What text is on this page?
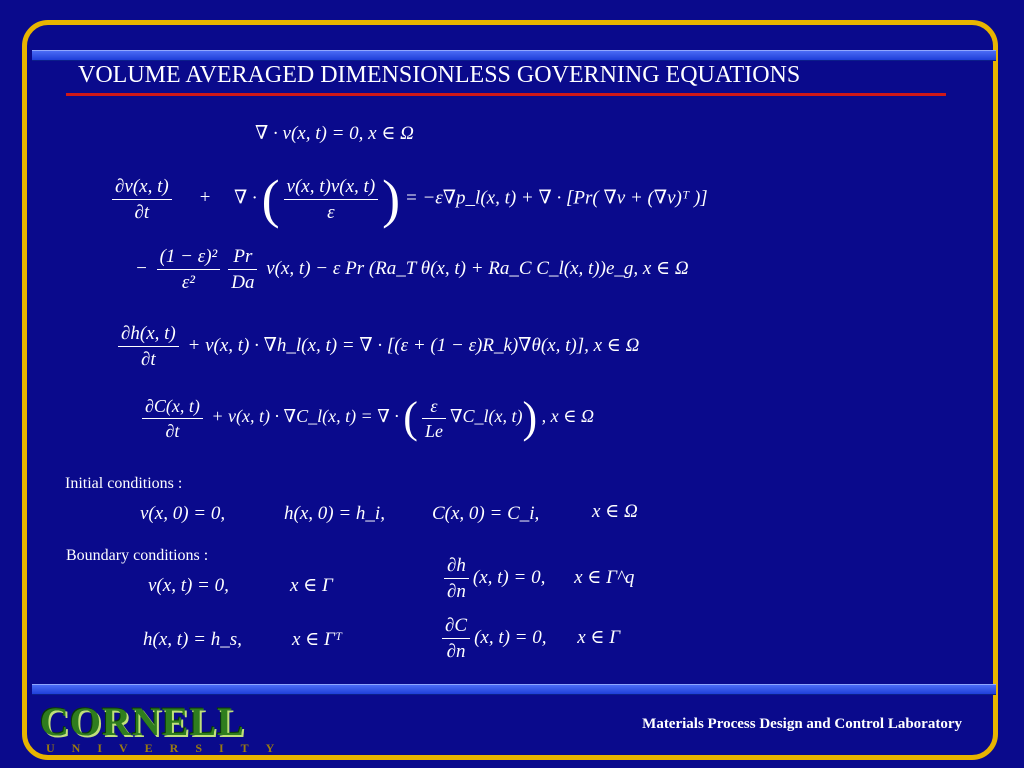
VOLUME AVERAGED DIMENSIONLESS GOVERNING EQUATIONS
∇ · v(x, t) = 0, x ∈ Ω
$\frac{\partial v(x, t)}{\partial t}$ + ∇ · ( $\frac{v(x, t)v(x, t)}{\varepsilon}$ ) = −ε∇p_l(x, t) + ∇ · [Pr( ∇v + (∇v)ᵀ )]
− $\frac{\text{(1 − ε)²}}{\text{ε²}} \frac{Pr}{Da} v(x$, t) − ε Pr (Ra_T θ(x, t) + Ra_C C_l(x, t))e_g, x ∈ Ω
$\frac{\partial h(x, t)}{\partial t} + v(x$, t) · ∇h_l(x, t) = ∇ · [(ε + (1 − ε)R_k)∇θ(x, t)], x ∈ Ω
$\frac{\partial C(x, t)}{\partial t} + v(x$, t) · ∇C_l(x, t) = ∇ · ( $\frac{\varepsilon}{Le}$ ∇C_l(x, t)) , x ∈ Ω
Initial conditions :
v(x, 0) = 0,	h(x, 0) = h_i, C(x, 0) = C_i,	x ∈ Ω
Boundary conditions :
v(x, t) = 0,	x ∈ Γ	$\frac{\partial h}{\partial n} (x$, t) = 0, x ∈ Γ^q
h(x, t) = h_s,	x ∈ Γᵀ	$\frac{\partial C}{\partial n} (x$, t) = 0, x ∈ Γ
CORNELL
UNIVERSITY
Materials Process Design and Control Laboratory
